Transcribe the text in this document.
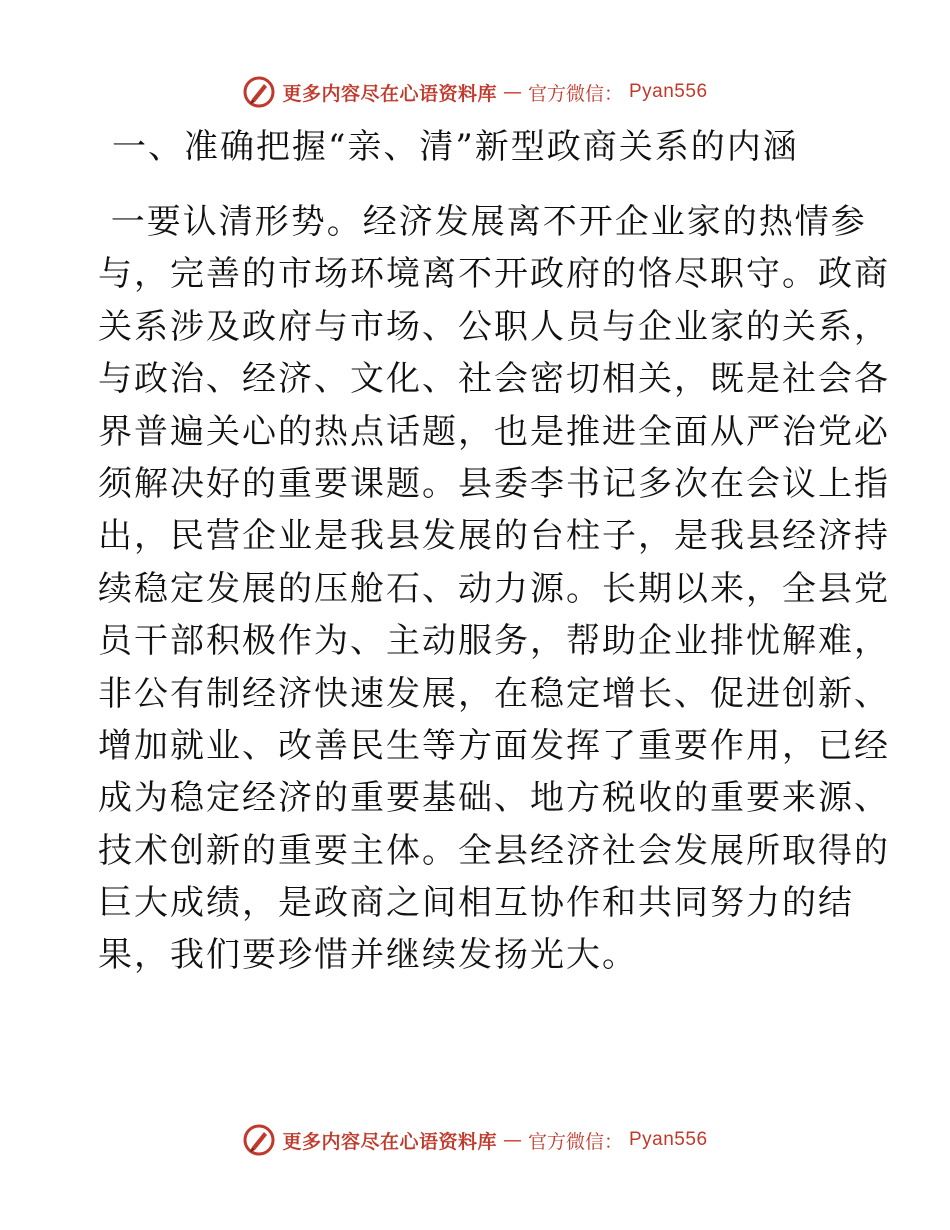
更多内容尽在心语资料库 — 官方微信： Pyan556
一、准确把握“亲、清”新型政商关系的内涵
一要认清形势。经济发展离不开企业家的热情参
与，完善的市场环境离不开政府的恪尽职守。政商
关系涉及政府与市场、公职人员与企业家的关系，
与政治、经济、文化、社会密切相关，既是社会各
界普遍关心的热点话题，也是推进全面从严治党必
须解决好的重要课题。县委李书记多次在会议上指
出，民营企业是我县发展的台柱子，是我县经济持
续稳定发展的压舱石、动力源。长期以来，全县党
员干部积极作为、主动服务，帮助企业排忧解难，
非公有制经济快速发展，在稳定增长、促进创新、
增加就业、改善民生等方面发挥了重要作用，已经
成为稳定经济的重要基础、地方税收的重要来源、
技术创新的重要主体。全县经济社会发展所取得的
巨大成绩，是政商之间相互协作和共同努力的结
果，我们要珍惜并继续发扬光大。
更多内容尽在心语资料库 — 官方微信： Pyan556
